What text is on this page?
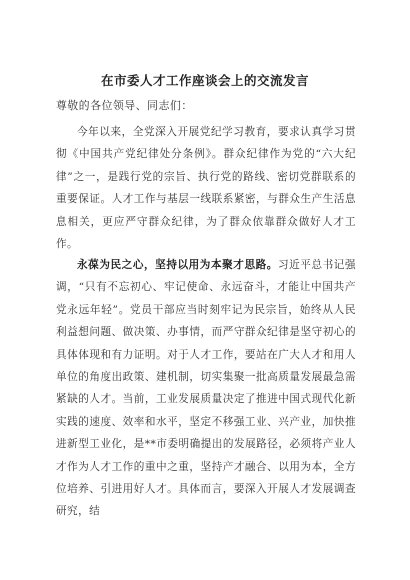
在市委人才工作座谈会上的交流发言
尊敬的各位领导、同志们：

今年以来，全党深入开展党纪学习教育，要求认真学习贯彻《中国共产党纪律处分条例》。群众纪律作为党的“六大纪律”之一，是践行党的宗旨、执行党的路线、密切党群联系的重要保证。人才工作与基层一线联系紧密，与群众生产生活息息相关，更应严守群众纪律，为了群众依靠群众做好人才工作。

永葆为民之心，坚持以用为本聚才思路。习近平总书记强调，“只有不忘初心、牢记使命、永远奋斗，才能让中国共产党永远年轻”。党员干部应当时刻牢记为民宗旨，始终从人民利益想问题、做决策、办事情，而严守群众纪律是坚守初心的具体体现和有力证明。对于人才工作，要站在广大人才和用人单位的角度出政策、建机制，切实集聚一批高质量发展最急需紧缺的人才。当前，工业发展质量决定了推进中国式现代化新实践的速度、效率和水平，坚定不移强工业、兴产业，加快推进新型工业化，是**市委明确提出的发展路径，必须将产业人才作为人才工作的重中之重，坚持产才融合、以用为本，全方位培养、引进用好人才。具体而言，要深入开展人才发展调查研究，结
